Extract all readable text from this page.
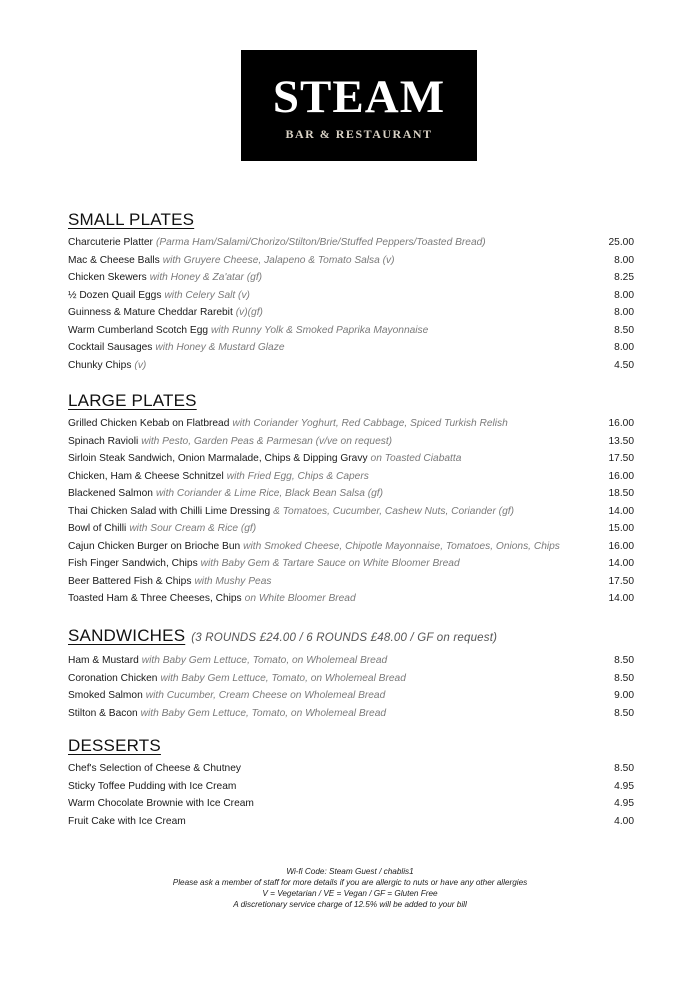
STEAM
BAR & RESTAURANT
SMALL PLATES
Charcuterie Platter (Parma Ham/Salami/Chorizo/Stilton/Brie/Stuffed Peppers/Toasted Bread)	25.00
Mac & Cheese Balls with Gruyere Cheese, Jalapeno & Tomato Salsa (v)	8.00
Chicken Skewers with Honey & Za'atar (gf)	8.25
½ Dozen Quail Eggs with Celery Salt (v)	8.00
Guinness & Mature Cheddar Rarebit (v)(gf)	8.00
Warm Cumberland Scotch Egg with Runny Yolk & Smoked Paprika Mayonnaise	8.50
Cocktail Sausages with Honey & Mustard Glaze	8.00
Chunky Chips (v)	4.50
LARGE PLATES
Grilled Chicken Kebab on Flatbread with Coriander Yoghurt, Red Cabbage, Spiced Turkish Relish	16.00
Spinach Ravioli with Pesto, Garden Peas & Parmesan (v/ve on request)	13.50
Sirloin Steak Sandwich, Onion Marmalade, Chips & Dipping Gravy on Toasted Ciabatta	17.50
Chicken, Ham & Cheese Schnitzel with Fried Egg, Chips & Capers	16.00
Blackened Salmon with Coriander & Lime Rice, Black Bean Salsa (gf)	18.50
Thai Chicken Salad with Chilli Lime Dressing & Tomatoes, Cucumber, Cashew Nuts, Coriander (gf)	14.00
Bowl of Chilli with Sour Cream & Rice (gf)	15.00
Cajun Chicken Burger on Brioche Bun with Smoked Cheese, Chipotle Mayonnaise, Tomatoes, Onions, Chips	16.00
Fish Finger Sandwich, Chips with Baby Gem & Tartare Sauce on White Bloomer Bread	14.00
Beer Battered Fish & Chips with Mushy Peas	17.50
Toasted Ham & Three Cheeses, Chips on White Bloomer Bread	14.00
SANDWICHES (3 ROUNDS £24.00 / 6 ROUNDS £48.00 / GF on request)
Ham & Mustard with Baby Gem Lettuce, Tomato, on Wholemeal Bread	8.50
Coronation Chicken with Baby Gem Lettuce, Tomato, on Wholemeal Bread	8.50
Smoked Salmon with Cucumber, Cream Cheese on Wholemeal Bread	9.00
Stilton & Bacon with Baby Gem Lettuce, Tomato, on Wholemeal Bread	8.50
DESSERTS
Chef's Selection of Cheese & Chutney	8.50
Sticky Toffee Pudding with Ice Cream	4.95
Warm Chocolate Brownie with Ice Cream	4.95
Fruit Cake with Ice Cream	4.00
Wi-fi Code: Steam Guest / chablis1
Please ask a member of staff for more details if you are allergic to nuts or have any other allergies
V = Vegetarian / VE = Vegan / GF = Gluten Free
A discretionary service charge of 12.5% will be added to your bill
